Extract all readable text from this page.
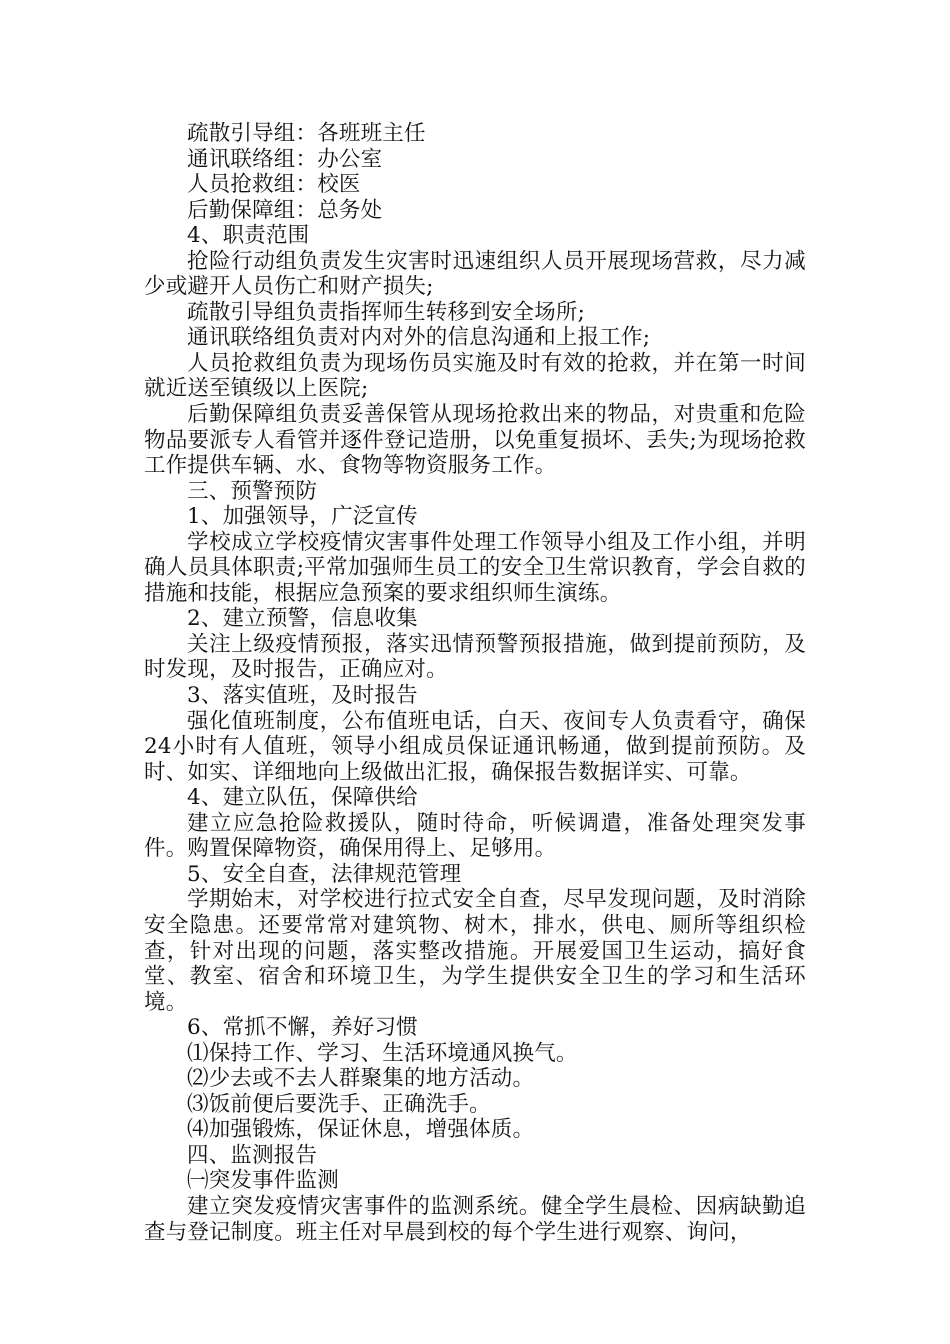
疏散引导组：各班班主任

通讯联络组：办公室

人员抢救组：校医

后勤保障组：总务处

4、职责范围

抢险行动组负责发生灾害时迅速组织人员开展现场营救，尽力减少或避开人员伤亡和财产损失;

疏散引导组负责指挥师生转移到安全场所;

通讯联络组负责对内对外的信息沟通和上报工作;

人员抢救组负责为现场伤员实施及时有效的抢救，并在第一时间就近送至镇级以上医院;

后勤保障组负责妥善保管从现场抢救出来的物品，对贵重和危险物品要派专人看管并逐件登记造册，以免重复损坏、丢失;为现场抢救工作提供车辆、水、食物等物资服务工作。

三、预警预防

1、加强领导，广泛宣传

学校成立学校疫情灾害事件处理工作领导小组及工作小组，并明确人员具体职责;平常加强师生员工的安全卫生常识教育，学会自救的措施和技能，根据应急预案的要求组织师生演练。

2、建立预警，信息收集

关注上级疫情预报，落实迅情预警预报措施，做到提前预防，及时发现，及时报告，正确应对。

3、落实值班，及时报告

强化值班制度，公布值班电话，白天、夜间专人负责看守，确保24小时有人值班，领导小组成员保证通讯畅通，做到提前预防。及时、如实、详细地向上级做出汇报，确保报告数据详实、可靠。

4、建立队伍，保障供给

建立应急抢险救援队，随时待命，听候调遣，准备处理突发事件。购置保障物资，确保用得上、足够用。

5、安全自查，法律规范管理

学期始末，对学校进行拉式安全自查，尽早发现问题，及时消除安全隐患。还要常常对建筑物、树木，排水，供电、厕所等组织检查，针对出现的问题，落实整改措施。开展爱国卫生运动，搞好食堂、教室、宿舍和环境卫生，为学生提供安全卫生的学习和生活环境。

6、常抓不懈，养好习惯

⑴保持工作、学习、生活环境通风换气。

⑵少去或不去人群聚集的地方活动。

⑶饭前便后要洗手、正确洗手。

⑷加强锻炼，保证休息，增强体质。

四、监测报告

㈠突发事件监测

建立突发疫情灾害事件的监测系统。健全学生晨检、因病缺勤追查与登记制度。班主任对早晨到校的每个学生进行观察、询问，
